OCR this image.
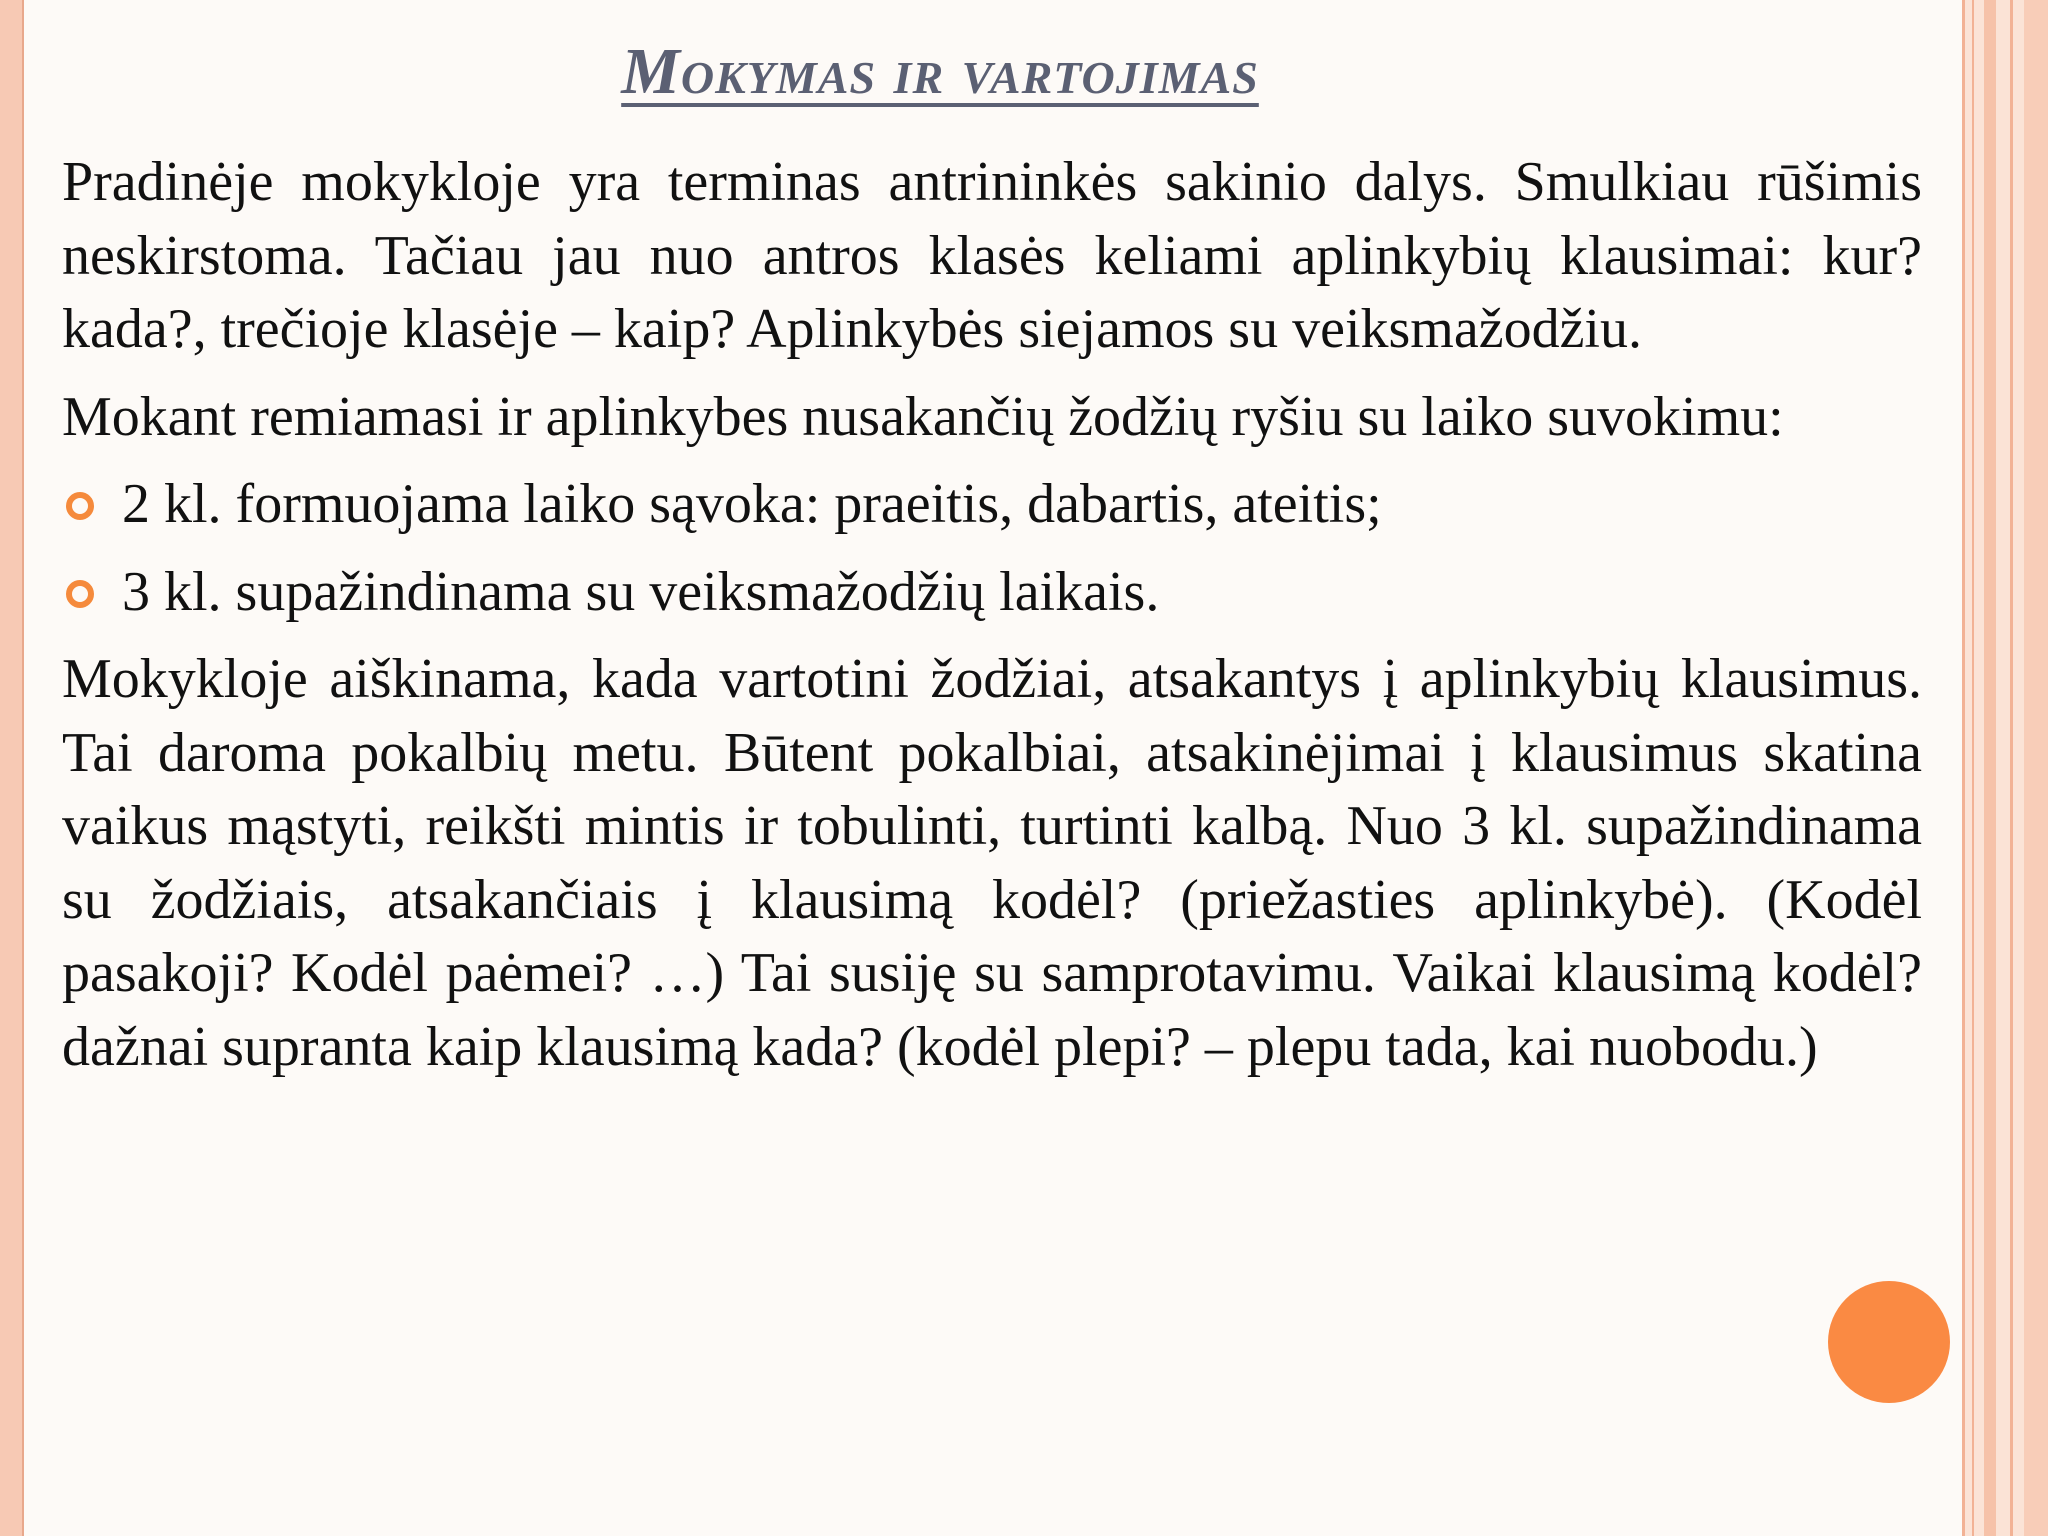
Mokymas ir vartojimas

Pradinėje mokykloje yra terminas antrininkės sakinio dalys. Smulkiau rūšimis neskirstoma. Tačiau jau nuo antros klasės keliami aplinkybių klausimai: kur? kada?, trečioje klasėje – kaip? Aplinkybės siejamos su veiksmažodžiu.

Mokant remiamasi ir aplinkybes nusakančių žodžių ryšiu su laiko suvokimu:

2 kl. formuojama laiko sąvoka: praeitis, dabartis, ateitis;
3 kl. supažindinama su veiksmažodžių laikais.

Mokykloje aiškinama, kada vartotini žodžiai, atsakantys į aplinkybių klausimus. Tai daroma pokalbių metu. Būtent pokalbiai, atsakinėjimai į klausimus skatina vaikus mąstyti, reikšti mintis ir tobulinti, turtinti kalbą. Nuo 3 kl. supažindinama su žodžiais, atsakančiais į klausimą kodėl? (priežasties aplinkybė). (Kodėl pasakoji? Kodėl paėmei? …) Tai susiję su samprotavimu. Vaikai klausimą kodėl? dažnai supranta kaip klausimą kada? (kodėl plepi? – plepu tada, kai nuobodu.)
